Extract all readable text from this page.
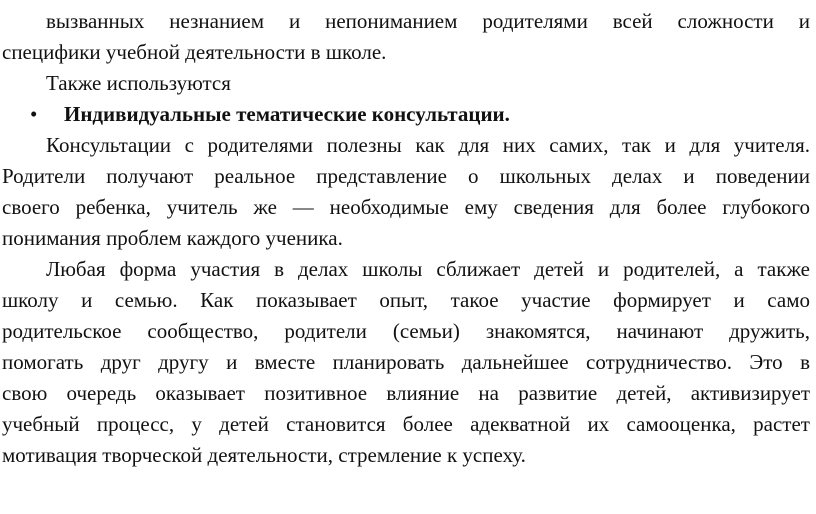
вызванных незнанием и непониманием родителями всей сложности и
специфики учебной деятельности в школе.
Также используются
• Индивидуальные тематические консультации.
Консультации с родителями полезны как для них самих, так и для учителя.
Родители получают реальное представление о школьных делах и поведении
своего ребенка, учитель же — необходимые ему сведения для более глубокого
понимания проблем каждого ученика.
Любая форма участия в делах школы сближает детей и родителей, а также
школу и семью. Как показывает опыт, такое участие формирует и само
родительское сообщество, родители (семьи) знакомятся, начинают дружить,
помогать друг другу и вместе планировать дальнейшее сотрудничество. Это в
свою очередь оказывает позитивное влияние на развитие детей, активизирует
учебный процесс, у детей становится более адекватной их самооценка, растет
мотивация творческой деятельности, стремление к успеху.
